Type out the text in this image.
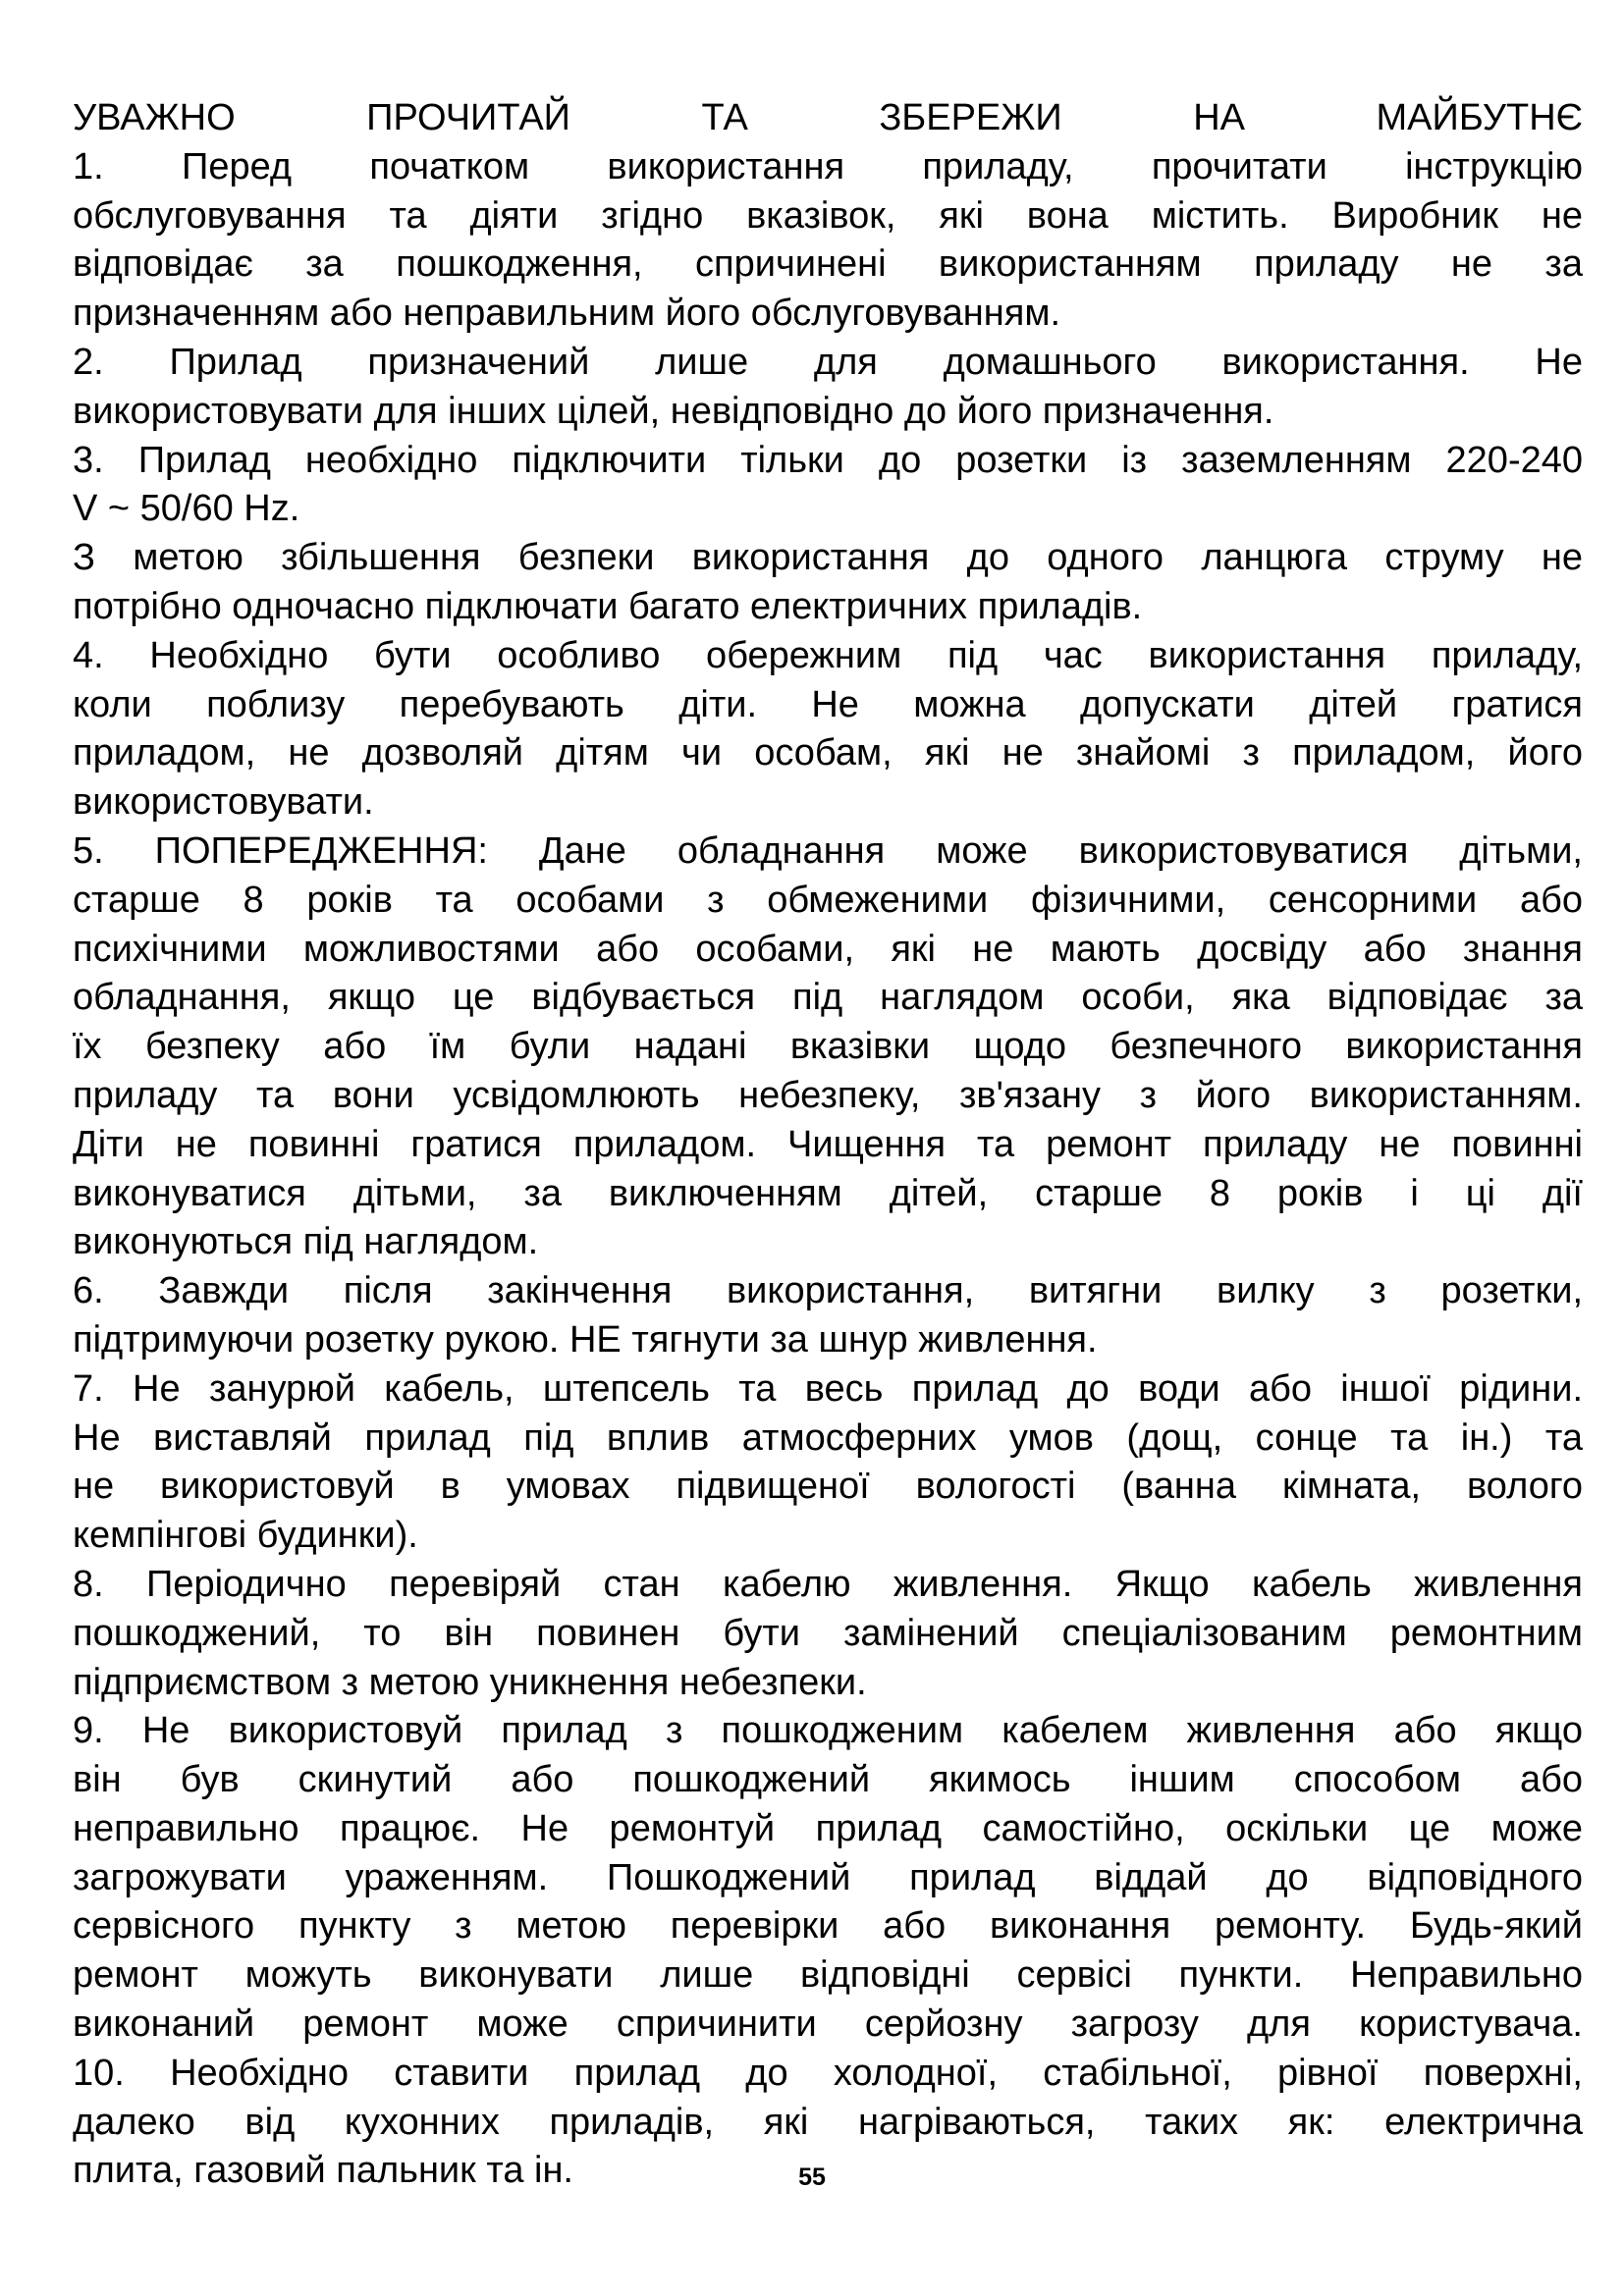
УВАЖНО ПРОЧИТАЙ ТА ЗБЕРЕЖИ НА МАЙБУТНЄ
1. Перед початком використання приладу, прочитати інструкцію
обслуговування та діяти згідно вказівок, які вона містить. Виробник не
відповідає за пошкодження, спричинені використанням приладу не за
призначенням або неправильним його обслуговуванням.
2. Прилад призначений лише для домашнього використання. Не
використовувати для інших цілей, невідповідно до його призначення.
3. Прилад необхідно підключити тільки до розетки із заземленням 220-240
V ~ 50/60 Hz.
З метою збільшення безпеки використання до одного ланцюга струму не
потрібно одночасно підключати багато електричних приладів.
4. Необхідно бути особливо обережним під час використання приладу,
коли поблизу перебувають діти. Не можна допускати дітей гратися
приладом, не дозволяй дітям чи особам, які не знайомі з приладом, його
використовувати.
5. ПОПЕРЕДЖЕННЯ: Дане обладнання може використовуватися дітьми,
старше 8 років та особами з обмеженими фізичними, сенсорними або
психічними можливостями або особами, які не мають досвіду або знання
обладнання, якщо це відбувається під наглядом особи, яка відповідає за
їх безпеку або їм були надані вказівки щодо безпечного використання
приладу та вони усвідомлюють небезпеку, зв'язану з його використанням.
Діти не повинні гратися приладом. Чищення та ремонт приладу не повинні
виконуватися дітьми, за виключенням дітей, старше 8 років і ці дії
виконуються під наглядом.
6. Завжди після закінчення використання, витягни вилку з розетки,
підтримуючи розетку рукою. НЕ тягнути за шнур живлення.
7. Не занурюй кабель, штепсель та весь прилад до води або іншої рідини.
Не виставляй прилад під вплив атмосферних умов (дощ, сонце та ін.) та
не використовуй в умовах підвищеної вологості (ванна кімната, волого
кемпінгові будинки).
8. Періодично перевіряй стан кабелю живлення. Якщо кабель живлення
пошкоджений, то він повинен бути замінений спеціалізованим ремонтним
підприємством з метою уникнення небезпеки.
9. Не використовуй прилад з пошкодженим кабелем живлення або якщо
він був скинутий або пошкоджений якимось іншим способом або
неправильно працює. Не ремонтуй прилад самостійно, оскільки це може
загрожувати ураженням. Пошкоджений прилад віддай до відповідного
сервісного пункту з метою перевірки або виконання ремонту. Будь-який
ремонт можуть виконувати лише відповідні сервісі пункти. Неправильно
виконаний ремонт може спричинити серйозну загрозу для користувача.
10. Необхідно ставити прилад до холодної, стабільної, рівної поверхні,
далеко від кухонних приладів, які нагріваються, таких як: електрична
плита, газовий пальник та ін.	55
